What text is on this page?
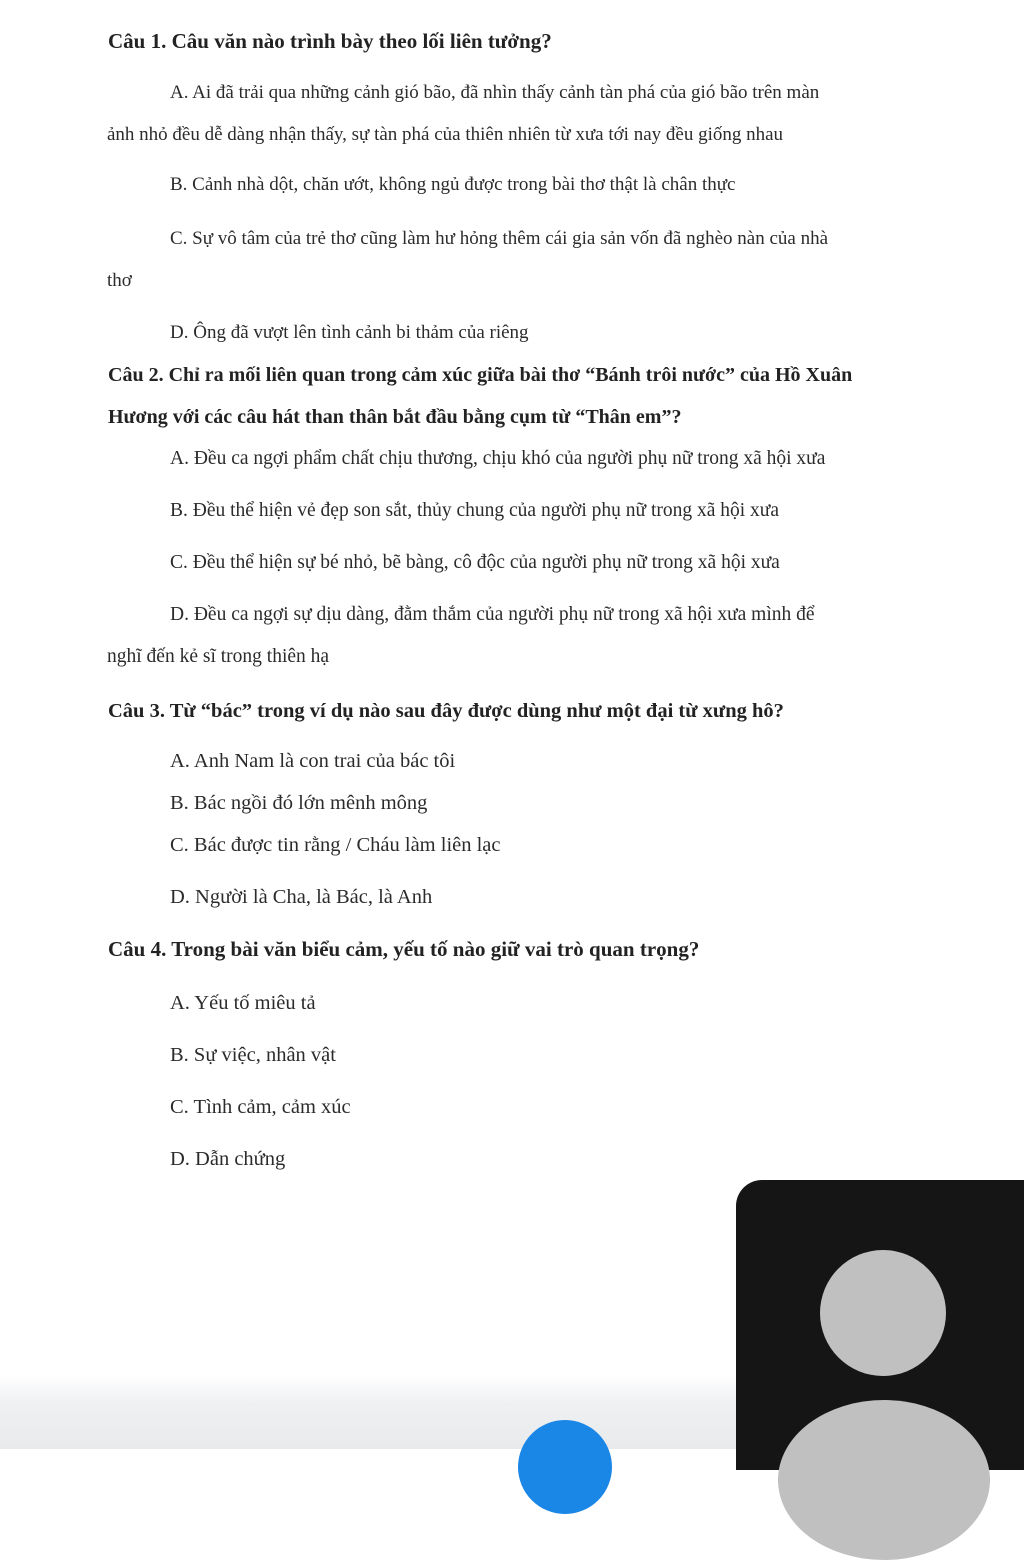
Câu 1. Câu văn nào trình bày theo lối liên tưởng?
A. Ai đã trải qua những cảnh gió bão, đã nhìn thấy cảnh tàn phá của gió bão trên màn
ảnh nhỏ đều dễ dàng nhận thấy, sự tàn phá của thiên nhiên từ xưa tới nay đều giống nhau
B. Cảnh nhà dột, chăn ướt, không ngủ được trong bài thơ thật là chân thực
C. Sự vô tâm của trẻ thơ cũng làm hư hỏng thêm cái gia sản vốn đã nghèo nàn của nhà
thơ
D. Ông đã vượt lên tình cảnh bi thảm của riêng
Câu 2. Chỉ ra mối liên quan trong cảm xúc giữa bài thơ “Bánh trôi nước” của Hồ Xuân
Hương với các câu hát than thân bắt đầu bằng cụm từ “Thân em”?
A. Đều ca ngợi phẩm chất chịu thương, chịu khó của người phụ nữ trong xã hội xưa
B. Đều thể hiện vẻ đẹp son sắt, thủy chung của người phụ nữ trong xã hội xưa
C. Đều thể hiện sự bé nhỏ, bẽ bàng, cô độc của người phụ nữ trong xã hội xưa
D. Đều ca ngợi sự dịu dàng, đằm thắm của người phụ nữ trong xã hội xưa mình để
nghĩ đến kẻ sĩ trong thiên hạ
Câu 3. Từ “bác” trong ví dụ nào sau đây được dùng như một đại từ xưng hô?
A. Anh Nam là con trai của bác tôi
B. Bác ngồi đó lớn mênh mông
C. Bác được tin rằng / Cháu làm liên lạc
D. Người là Cha, là Bác, là Anh
Câu 4. Trong bài văn biểu cảm, yếu tố nào giữ vai trò quan trọng?
A. Yếu tố miêu tả
B. Sự việc, nhân vật
C. Tình cảm, cảm xúc
D. Dẫn chứng
